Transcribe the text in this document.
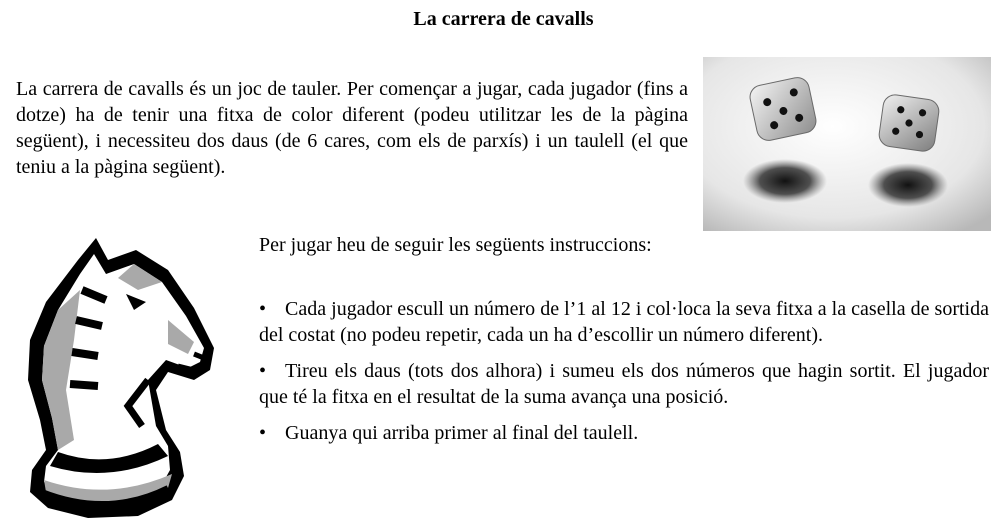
La carrera de cavalls
La carrera de cavalls és un joc de tauler. Per començar a jugar, cada jugador (fins a dotze) ha de tenir una fitxa de color diferent (podeu utilitzar les de la pàgina següent), i necessiteu dos daus (de 6 cares, com els de parxís) i un taulell (el que teniu a la pàgina següent).
Per jugar heu de seguir les següents instruccions:
• Cada jugador escull un número de l’1 al 12 i col·loca la seva fitxa a la casella de sortida del costat (no podeu repetir, cada un ha d’escollir un número diferent).
• Tireu els daus (tots dos alhora) i sumeu els dos números que hagin sortit. El jugador que té la fitxa en el resultat de la suma avança una posició.
• Guanya qui arriba primer al final del taulell.
